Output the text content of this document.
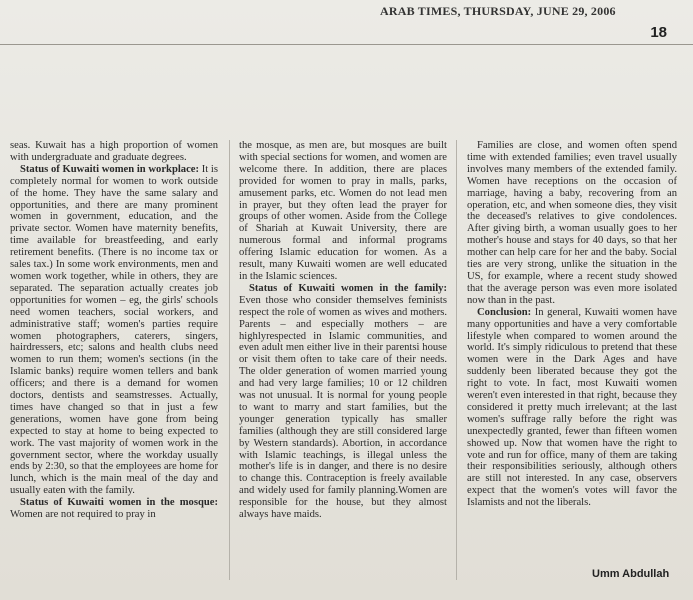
ARAB TIMES, THURSDAY, JUNE 29, 2006
18

seas. Kuwait has a high proportion of women with undergraduate and graduate degrees.

Status of Kuwaiti women in workplace: It is completely normal for women to work outside of the home. They have the same salary and opportunities, and there are many prominent women in government, education, and the private sector. Women have maternity benefits, time available for breastfeeding, and early retirement benefits. (There is no income tax or sales tax.) In some work environments, men and women work together, while in others, they are separated. The separation actually creates job opportunities for women – eg, the girls' schools need women teachers, social workers, and administrative staff; women's parties require women photographers, caterers, singers, hairdressers, etc; salons and health clubs need women to run them; women's sections (in the Islamic banks) require women tellers and bank officers; and there is a demand for women doctors, dentists and seamstresses. Actually, times have changed so that in just a few generations, women have gone from being expected to stay at home to being expected to work. The vast majority of women work in the government sector, where the workday usually ends by 2:30, so that the employees are home for lunch, which is the main meal of the day and usually eaten with the family.

Status of Kuwaiti women in the mosque: Women are not required to pray in

the mosque, as men are, but mosques are built with special sections for women, and women are welcome there. In addition, there are places provided for women to pray in malls, parks, amusement parks, etc. Women do not lead men in prayer, but they often lead the prayer for groups of other women. Aside from the College of Shariah at Kuwait University, there are numerous formal and informal programs offering Islamic education for women. As a result, many Kuwaiti women are well educated in the Islamic sciences.

Status of Kuwaiti women in the family: Even those who consider themselves feminists respect the role of women as wives and mothers. Parents – and especially mothers – are highlyrespected in Islamic communities, and even adult men either live in their parentsi house or visit them often to take care of their needs. The older generation of women married young and had very large families; 10 or 12 children was not unusual. It is normal for young people to want to marry and start families, but the younger generation typically has smaller families (although they are still considered large by Western standards). Abortion, in accordance with Islamic teachings, is illegal unless the mother's life is in danger, and there is no desire to change this. Contraception is freely available and widely used for family planning.Women are responsible for the house, but they almost always have maids.

Families are close, and women often spend time with extended families; even travel usually involves many members of the extended family. Women have receptions on the occasion of marriage, having a baby, recovering from an operation, etc, and when someone dies, they visit the deceased's relatives to give condolences. After giving birth, a woman usually goes to her mother's house and stays for 40 days, so that her mother can help care for her and the baby. Social ties are very strong, unlike the situation in the US, for example, where a recent study showed that the average person was even more isolated now than in the past.

Conclusion: In general, Kuwaiti women have many opportunities and have a very comfortable lifestyle when compared to women around the world. It's simply ridiculous to pretend that these women were in the Dark Ages and have suddenly been liberated because they got the right to vote. In fact, most Kuwaiti women weren't even interested in that right, because they considered it pretty much irrelevant; at the last women's suffrage rally before the right was unexpectedly granted, fewer than fifteen women showed up. Now that women have the right to vote and run for office, many of them are taking their responsibilities seriously, although others are still not interested. In any case, observers expect that the women's votes will favor the Islamists and not the liberals.

Umm Abdullah
